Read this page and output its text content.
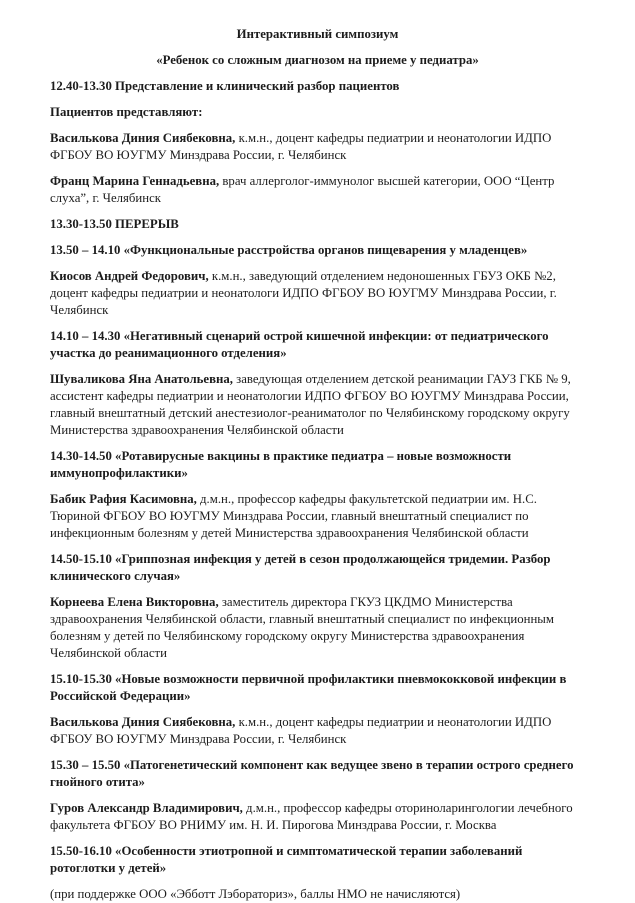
Интерактивный симпозиум

«Ребенок со сложным диагнозом на приеме у педиатра»

12.40-13.30 Представление и клинический разбор пациентов

Пациентов представляют:

Василькова Диния Сиябековна, к.м.н., доцент кафедры педиатрии и неонатологии ИДПО ФГБОУ ВО ЮУГМУ Минздрава России, г. Челябинск

Франц Марина Геннадьевна, врач аллерголог-иммунолог высшей категории, ООО “Центр слуха”, г. Челябинск

13.30-13.50 ПЕРЕРЫВ

13.50 – 14.10 «Функциональные расстройства органов пищеварения у младенцев»

Киосов Андрей Федорович, к.м.н., заведующий отделением недоношенных ГБУЗ ОКБ №2, доцент кафедры педиатрии и неонатологи ИДПО ФГБОУ ВО ЮУГМУ Минздрава России, г. Челябинск

14.10 – 14.30 «Негативный сценарий острой кишечной инфекции: от педиатрического участка до реанимационного отделения»

Шуваликова Яна Анатольевна, заведующая отделением детской реанимации ГАУЗ ГКБ № 9, ассистент кафедры педиатрии и неонатологии ИДПО ФГБОУ ВО ЮУГМУ Минздрава России, главный внештатный детский анестезиолог-реаниматолог по Челябинскому городскому округу Министерства здравоохранения Челябинской области

14.30-14.50 «Ротавирусные вакцины в практике педиатра – новые возможности иммунопрофилактики»

Бабик Рафия Касимовна, д.м.н., профессор кафедры факультетской педиатрии им. Н.С. Тюриной ФГБОУ ВО ЮУГМУ Минздрава России, главный внештатный специалист по инфекционным болезням у детей Министерства здравоохранения Челябинской области

14.50-15.10 «Гриппозная инфекция у детей в сезон продолжающейся тридемии. Разбор клинического случая»

Корнеева Елена Викторовна, заместитель директора ГКУЗ ЦКДМО Министерства здравоохранения Челябинской области, главный внештатный специалист по инфекционным болезням у детей по Челябинскому городскому округу Министерства здравоохранения Челябинской области

15.10-15.30 «Новые возможности первичной профилактики пневмококковой инфекции в Российской Федерации»

Василькова Диния Сиябековна, к.м.н., доцент кафедры педиатрии и неонатологии ИДПО ФГБОУ ВО ЮУГМУ Минздрава России, г. Челябинск

15.30 – 15.50 «Патогенетический компонент как ведущее звено в терапии острого среднего гнойного отита»

Гуров Александр Владимирович, д.м.н., профессор кафедры оториноларингологии лечебного факультета ФГБОУ ВО РНИМУ им. Н. И. Пирогова Минздрава России, г. Москва

15.50-16.10 «Особенности этиотропной и симптоматической терапии заболеваний ротоглотки у детей»

(при поддержке ООО «Эбботт Лэбораториз», баллы НМО не начисляются)
